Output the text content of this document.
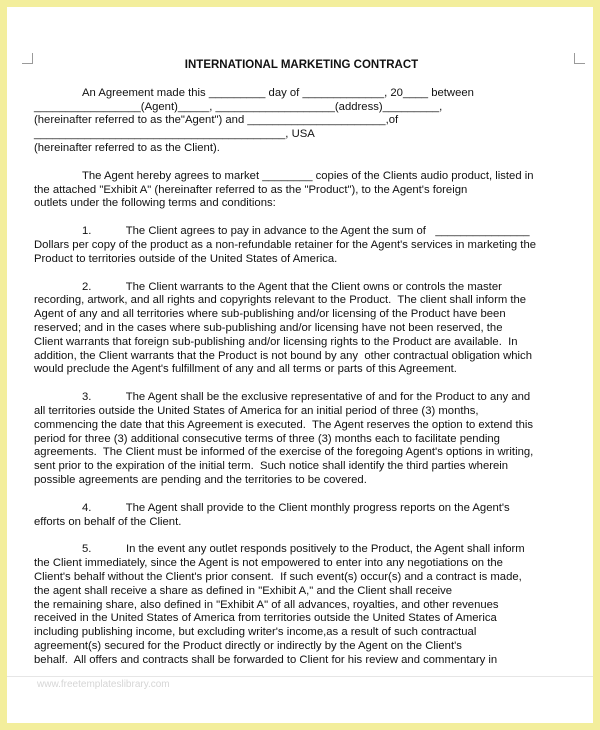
INTERNATIONAL MARKETING CONTRACT
An Agreement made this _________ day of _____________, 20____ between
_________________(Agent)_____, ___________________(address)_________,
(hereinafter referred to as the"Agent") and ______________________,of
________________________________________, USA
(hereinafter referred to as the Client).
The Agent hereby agrees to market ________ copies of the Clients audio product, listed in
the attached "Exhibit A" (hereinafter referred to as the "Product"), to the Agent's foreign
outlets under the following terms and conditions:
1.           The Client agrees to pay in advance to the Agent the sum of   _______________
Dollars per copy of the product as a non-refundable retainer for the Agent's services in marketing the
Product to territories outside of the United States of America.
2.           The Client warrants to the Agent that the Client owns or controls the master
recording, artwork, and all rights and copyrights relevant to the Product.  The client shall inform the
Agent of any and all territories where sub-publishing and/or licensing of the Product have been
reserved; and in the cases where sub-publishing and/or licensing have not been reserved, the
Client warrants that foreign sub-publishing and/or licensing rights to the Product are available.  In
addition, the Client warrants that the Product is not bound by any  other contractual obligation which
would preclude the Agent's fulfillment of any and all terms or parts of this Agreement.
3.           The Agent shall be the exclusive representative of and for the Product to any and
all territories outside the United States of America for an initial period of three (3) months,
commencing the date that this Agreement is executed.  The Agent reserves the option to extend this
period for three (3) additional consecutive terms of three (3) months each to facilitate pending
agreements.  The Client must be informed of the exercise of the foregoing Agent's options in writing,
sent prior to the expiration of the initial term.  Such notice shall identify the third parties wherein
possible agreements are pending and the territories to be covered.
4.           The Agent shall provide to the Client monthly progress reports on the Agent's
efforts on behalf of the Client.
5.           In the event any outlet responds positively to the Product, the Agent shall inform
the Client immediately, since the Agent is not empowered to enter into any negotiations on the
Client's behalf without the Client's prior consent.  If such event(s) occur(s) and a contract is made,
the agent shall receive a share as defined in "Exhibit A," and the Client shall receive
the remaining share, also defined in "Exhibit A" of all advances, royalties, and other revenues
received in the United States of America from territories outside the United States of America
including publishing income, but excluding writer's income,as a result of such contractual
agreement(s) secured for the Product directly or indirectly by the Agent on the Client's
behalf.  All offers and contracts shall be forwarded to Client for his review and commentary in
www.freetemplateslibrary.com
